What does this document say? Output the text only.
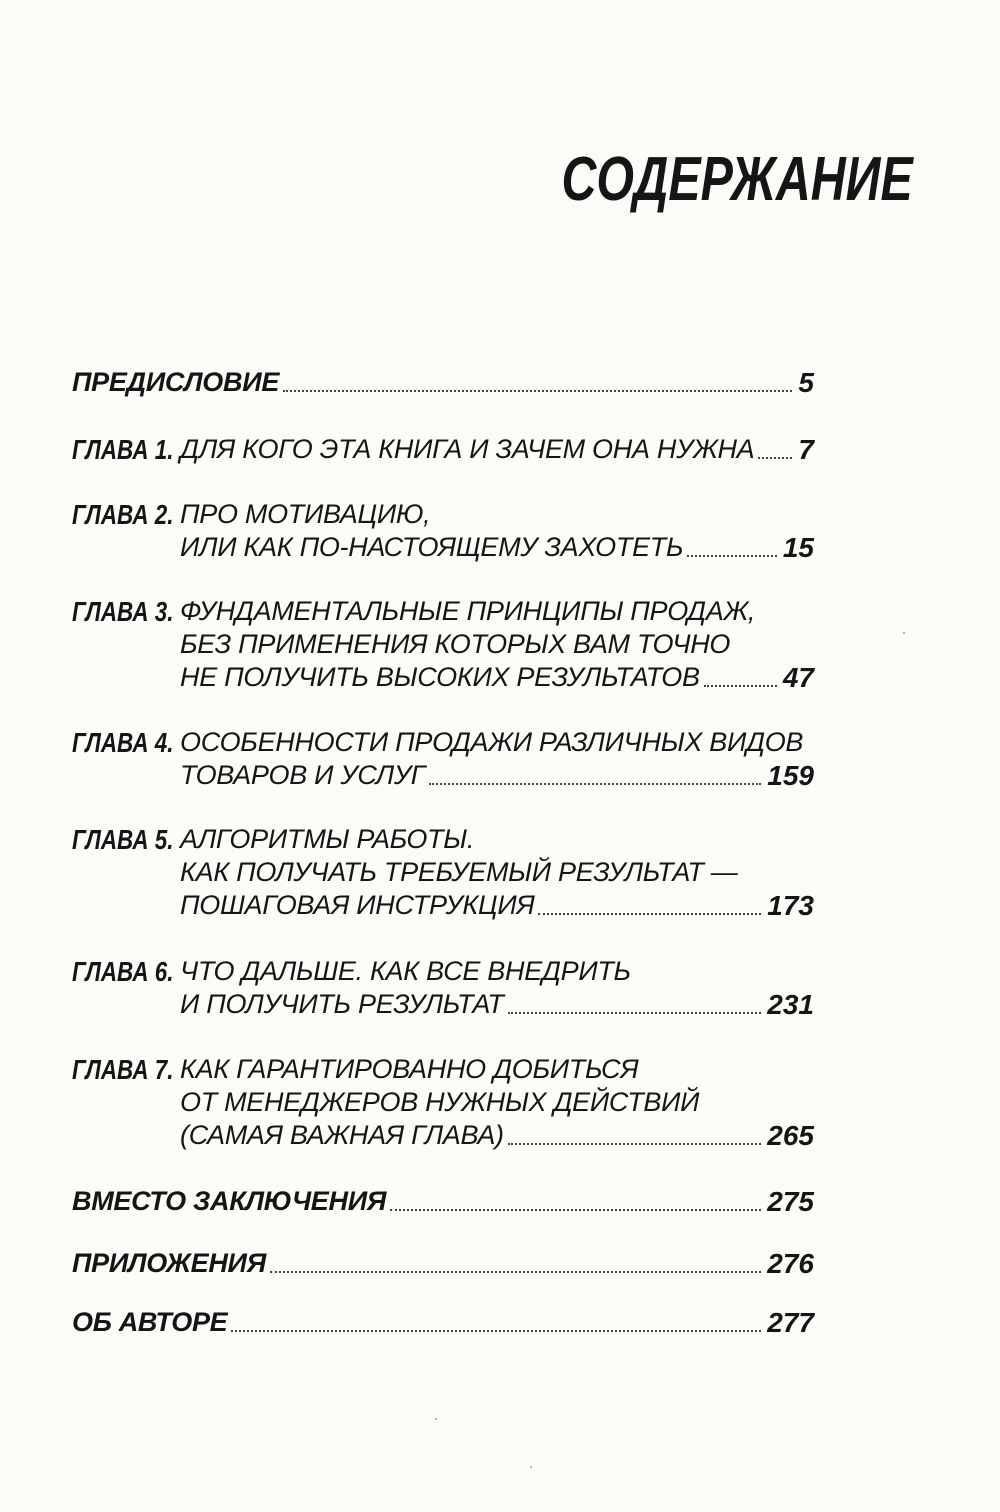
СОДЕРЖАНИЕ
ПРЕДИСЛОВИЕ	5
ГЛАВА 1. ДЛЯ КОГО ЭТА КНИГА И ЗАЧЕМ ОНА НУЖНА 7
ГЛАВА 2. ПРО МОТИВАЦИЮ,
ИЛИ КАК ПО-НАСТОЯЩЕМУ ЗАХОТЕТЬ	15
ГЛАВА 3. ФУНДАМЕНТАЛЬНЫЕ ПРИНЦИПЫ ПРОДАЖ,
БЕЗ ПРИМЕНЕНИЯ КОТОРЫХ ВАМ ТОЧНО
НЕ ПОЛУЧИТЬ ВЫСОКИХ РЕЗУЛЬТАТОВ	47
ГЛАВА 4. ОСОБЕННОСТИ ПРОДАЖИ РАЗЛИЧНЫХ ВИДОВ
ТОВАРОВ И УСЛУГ	159
ГЛАВА 5. АЛГОРИТМЫ РАБОТЫ.
КАК ПОЛУЧАТЬ ТРЕБУЕМЫЙ РЕЗУЛЬТАТ —
ПОШАГОВАЯ ИНСТРУКЦИЯ	173
ГЛАВА 6. ЧТО ДАЛЬШЕ. КАК ВСЕ ВНЕДРИТЬ
И ПОЛУЧИТЬ РЕЗУЛЬТАТ	231
ГЛАВА 7. КАК ГАРАНТИРОВАННО ДОБИТЬСЯ
ОТ МЕНЕДЖЕРОВ НУЖНЫХ ДЕЙСТВИЙ
(САМАЯ ВАЖНАЯ ГЛАВА)	265
ВМЕСТО ЗАКЛЮЧЕНИЯ	275
ПРИЛОЖЕНИЯ	276
ОБ АВТОРЕ	277
